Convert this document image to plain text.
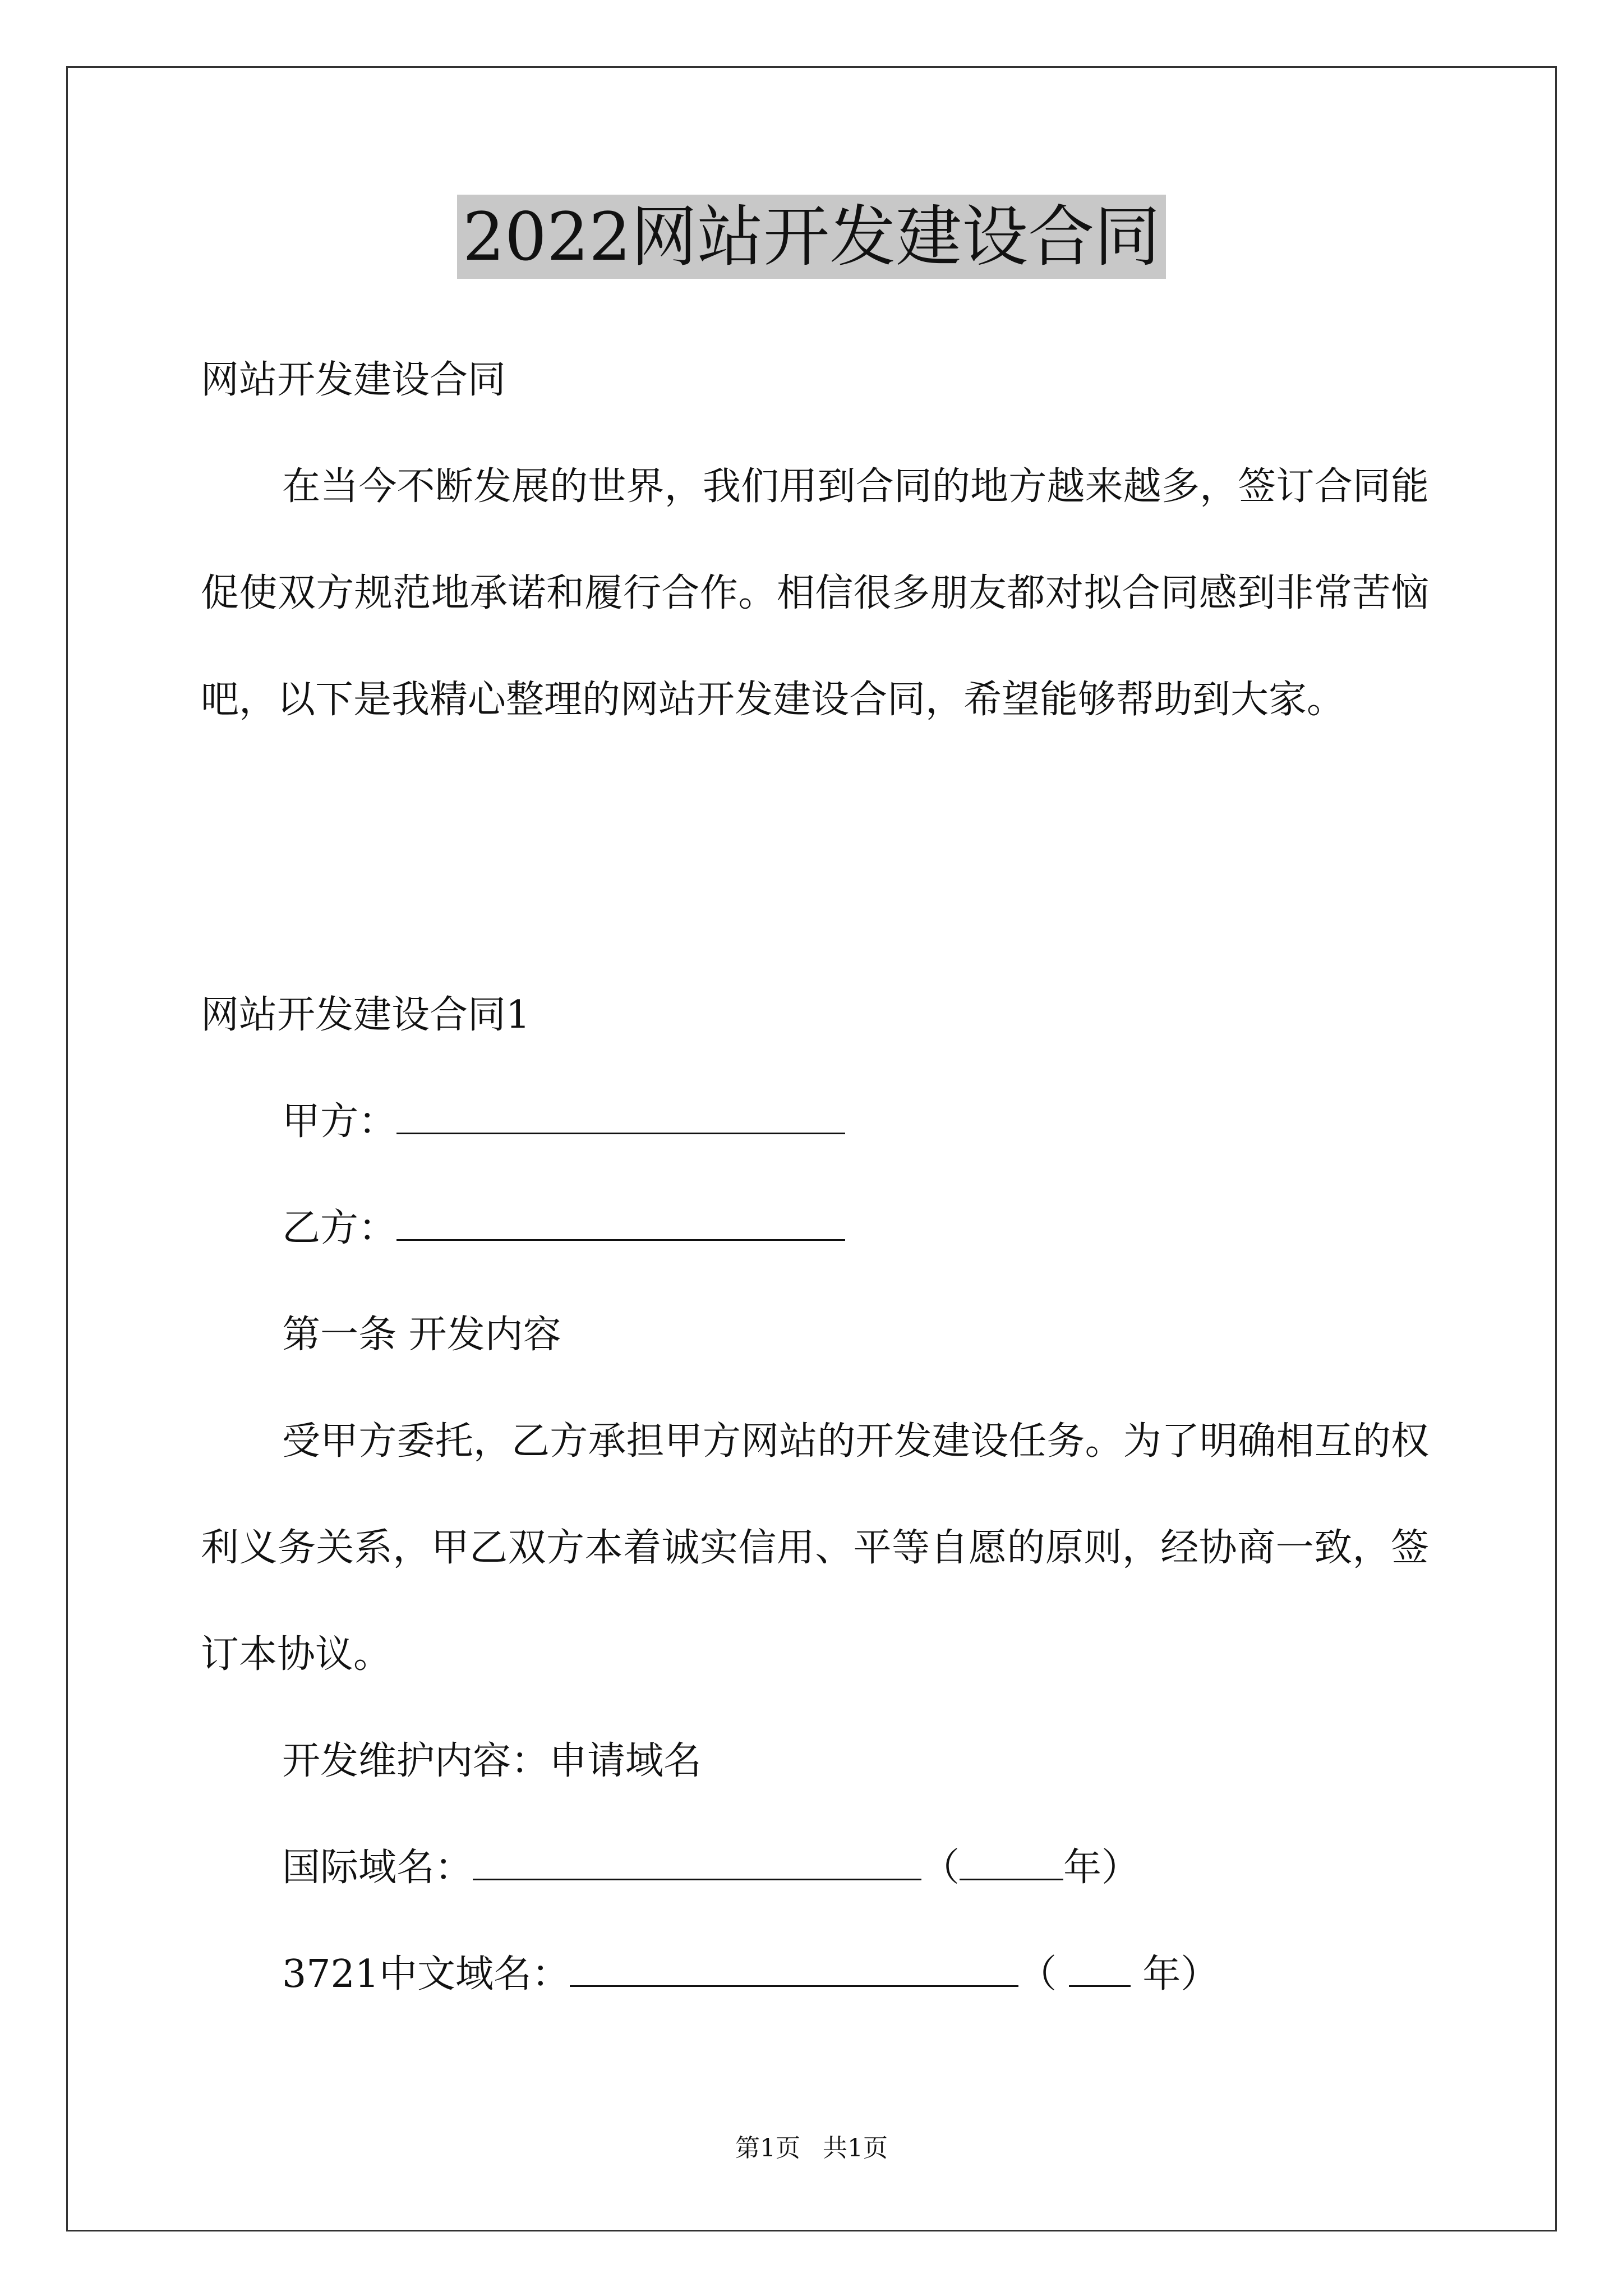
2022网站开发建设合同

网站开发建设合同

在当今不断发展的世界，我们用到合同的地方越来越多，签订合同能促使双方规范地承诺和履行合作。相信很多朋友都对拟合同感到非常苦恼吧，以下是我精心整理的网站开发建设合同，希望能够帮助到大家。

网站开发建设合同1

甲方：

乙方：

第一条 开发内容

受甲方委托，乙方承担甲方网站的开发建设任务。为了明确相互的权利义务关系，甲乙双方本着诚实信用、平等自愿的原则，经协商一致，签订本协议。

开发维护内容：申请域名

国际域名：	（	年）

3721中文域名：	（  年）

第1页 共1页
